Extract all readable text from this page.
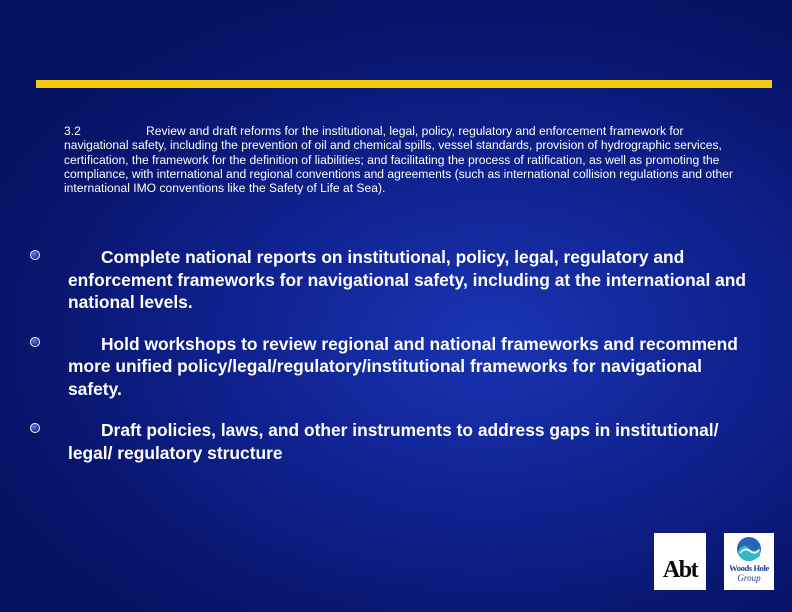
3.2	Review and draft reforms for the institutional, legal, policy, regulatory and enforcement framework for navigational safety, including the prevention of oil and chemical spills, vessel standards, provision of hydrographic services, certification, the framework for the definition of liabilities; and facilitating the process of ratification, as well as promoting the compliance, with international and regional conventions and agreements (such as international collision regulations and other international IMO conventions like the Safety of Life at Sea).
Complete national reports on institutional, policy, legal, regulatory and enforcement frameworks for navigational safety, including at the international and national levels.
Hold workshops to review regional and national frameworks and recommend more unified policy/legal/regulatory/institutional frameworks for navigational safety.
Draft policies, laws, and other instruments to address gaps in institutional/ legal/ regulatory structure
Abt	Woods Hole
Group
